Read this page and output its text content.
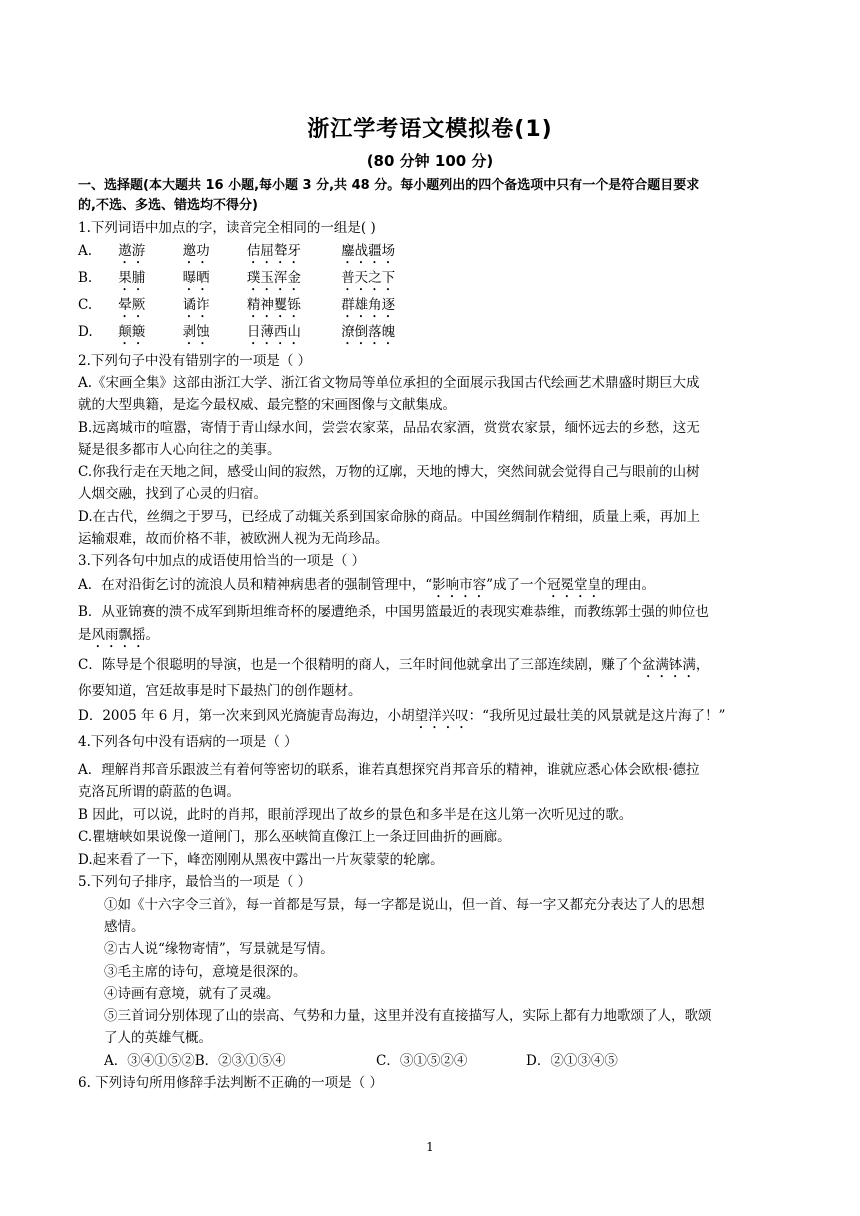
浙江学考语文模拟卷(1)
(80 分钟 100 分)
一、选择题(本大题共 16 小题,每小题 3 分,共 48 分。每小题列出的四个备选项中只有一个是符合题目要求
的,不选、多选、错选均不得分)
1.下列词语中加点的字，读音完全相同的一组是( )
A. 遨游	邀功	佶屈聱牙	鏖战疆场
B. 果脯	曝晒	璞玉浑金	普天之下
C. 晕厥	谲诈	精神矍铄	群雄角逐
D. 颠簸	剥蚀	日薄西山	潦倒落魄
2.下列句子中没有错别字的一项是（ ）
A.《宋画全集》这部由浙江大学、浙江省文物局等单位承担的全面展示我国古代绘画艺术鼎盛时期巨大成
就的大型典籍，是迄今最权威、最完整的宋画图像与文献集成。
B.远离城市的喧嚣，寄情于青山绿水间，尝尝农家菜，品品农家酒，赏赏农家景，缅怀远去的乡愁，这无
疑是很多都市人心向往之的美事。
C.你我行走在天地之间，感受山间的寂然，万物的辽廓，天地的博大，突然间就会觉得自己与眼前的山树
人烟交融，找到了心灵的归宿。
D.在古代，丝绸之于罗马，已经成了动辄关系到国家命脉的商品。中国丝绸制作精细，质量上乘，再加上
运输艰难，故而价格不菲，被欧洲人视为无尚珍品。
3.下列各句中加点的成语使用恰当的一项是（ ）
A．在对沿街乞讨的流浪人员和精神病患者的强制管理中，“影响市容”成了一个冠冕堂皇的理由。
B．从亚锦赛的溃不成军到斯坦维奇杯的屡遭绝杀，中国男篮最近的表现实难恭维，而教练郭士强的帅位也
是风雨飘摇。
C．陈导是个很聪明的导演，也是一个很精明的商人，三年时间他就拿出了三部连续剧，赚了个盆满钵满，
你要知道，宫廷故事是时下最热门的创作题材。
D．2005 年 6 月，第一次来到风光旖旎青岛海边，小胡望洋兴叹：“我所见过最壮美的风景就是这片海了！”
4.下列各句中没有语病的一项是（ ）
A．理解肖邦音乐跟波兰有着何等密切的联系，谁若真想探究肖邦音乐的精神，谁就应悉心体会欧根·德拉
克洛瓦所谓的蔚蓝的色调。
B 因此，可以说，此时的肖邦，眼前浮现出了故乡的景色和多半是在这儿第一次听见过的歌。
C.瞿塘峡如果说像一道闸门，那么巫峡简直像江上一条迂回曲折的画廊。
D.起来看了一下，峰峦刚刚从黑夜中露出一片灰蒙蒙的轮廓。
5.下列句子排序，最恰当的一项是（ ）
①如《十六字令三首》，每一首都是写景，每一字都是说山，但一首、每一字又都充分表达了人的思想
感情。
②古人说“缘物寄情”，写景就是写情。
③毛主席的诗句，意境是很深的。
④诗画有意境，就有了灵魂。
⑤三首词分别体现了山的崇高、气势和力量，这里并没有直接描写人，实际上都有力地歌颂了人，歌颂
了人的英雄气概。
A．③④①⑤②B．②③①⑤④	C．③①⑤②④	D．②①③④⑤
6. 下列诗句所用修辞手法判断不正确的一项是（ ）
1
